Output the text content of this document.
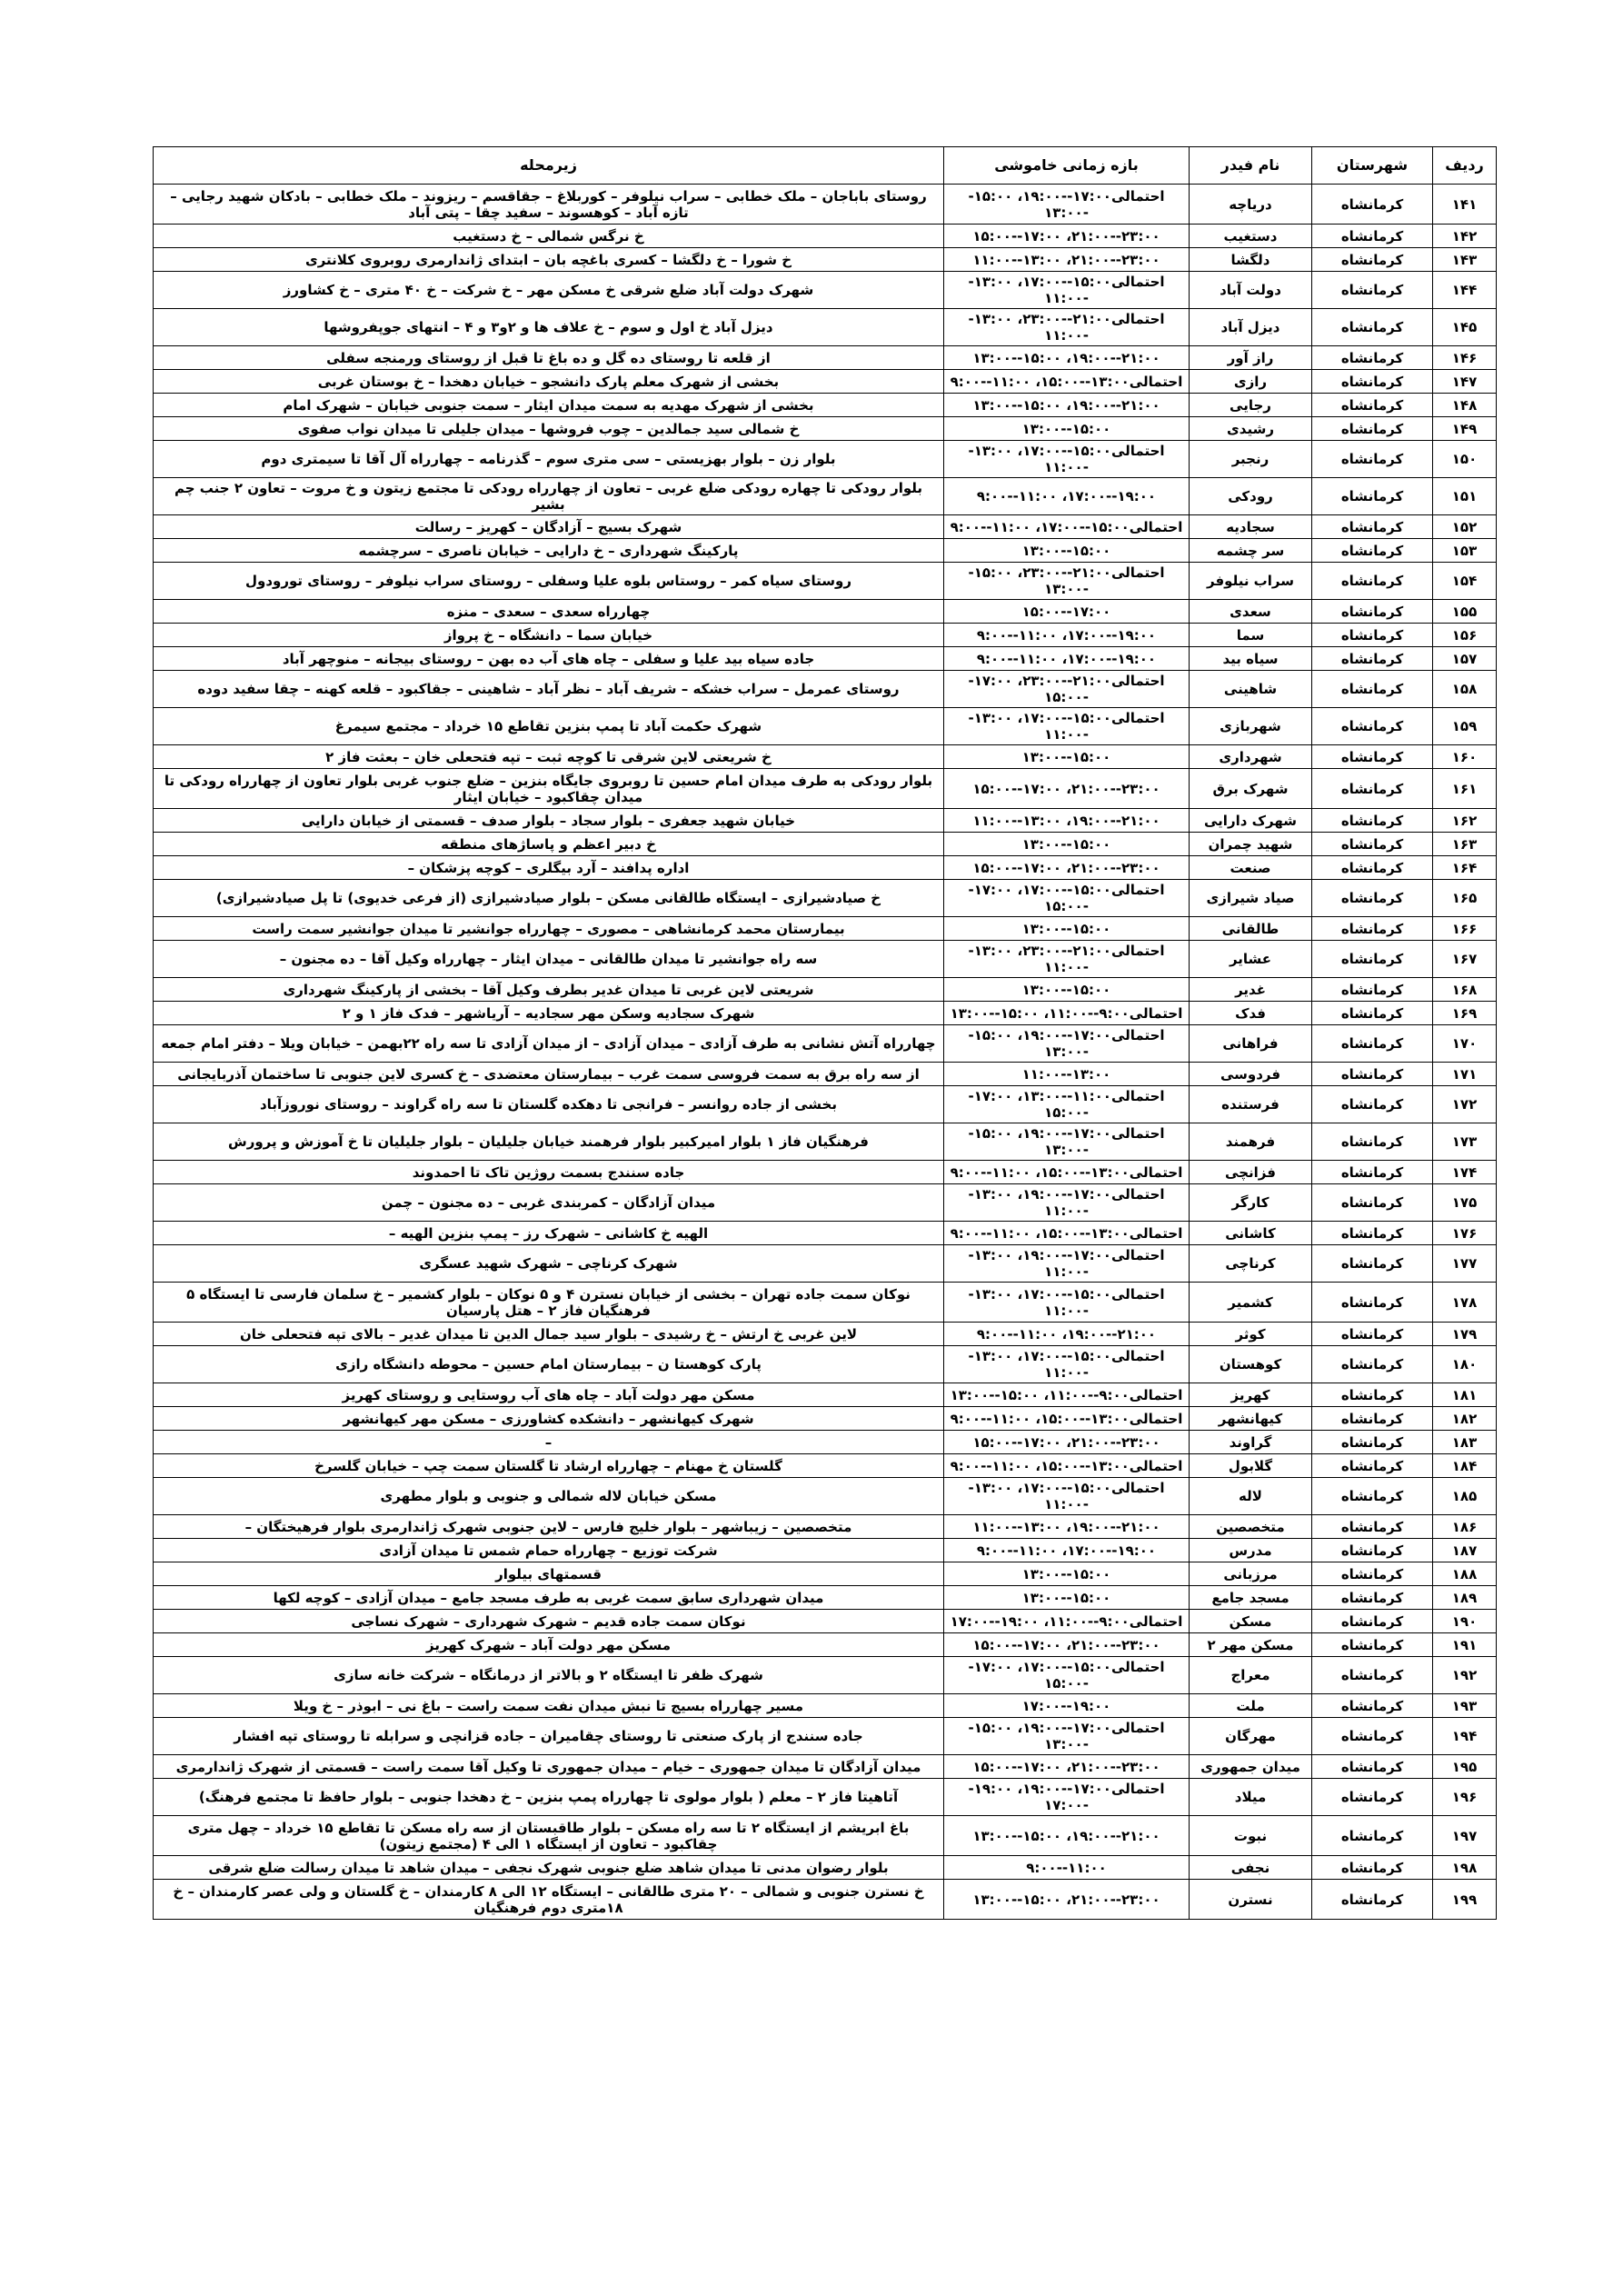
ردیف	شهرستان	نام فیدر	بازه زمانی خاموشی	زیرمحله
۱۴۱	کرمانشاه	دریاچه	احتمالی۱۷:۰۰--۱۹:۰۰، ۱۵:۰۰--۱۳:۰۰	روستای باباجان – ملک خطابی – سراب نیلوفر – کوربلاغ – جقاقسم – ریزوند – ملک خطابی – بادکان شهید رجایی – تازه آباد – کوهسوند – سفید چقا – پتی آباد
۱۴۲	کرمانشاه	دستغیب	۲۳:۰۰--۲۱:۰۰، ۱۷:۰۰--۱۵:۰۰	خ نرگس شمالی – خ دستغیب
۱۴۳	کرمانشاه	دلگشا	۲۳:۰۰--۲۱:۰۰، ۱۳:۰۰--۱۱:۰۰	خ شورا – خ دلگشا – کسری باغچه بان – ابتدای ژاندارمری روبروی کلانتری
۱۴۴	کرمانشاه	دولت آباد	احتمالی۱۵:۰۰--۱۷:۰۰، ۱۳:۰۰--۱۱:۰۰	شهرک دولت آباد ضلع شرقی خ مسکن مهر – خ شرکت – خ ۴۰ متری – خ کشاورز
۱۴۵	کرمانشاه	دیزل آباد	احتمالی۲۱:۰۰--۲۳:۰۰، ۱۳:۰۰--۱۱:۰۰	دیزل آباد خ اول و سوم – خ علاف ها و ۲و۳ و ۴ – انتهای جوپفروشها
۱۴۶	کرمانشاه	راز آور	۲۱:۰۰--۱۹:۰۰، ۱۵:۰۰--۱۳:۰۰	از قلعه تا روستای ده گل و ده باغ تا قبل از روستای ورمنجه سفلی
۱۴۷	کرمانشاه	رازی	احتمالی۱۳:۰۰--۱۵:۰۰، ۱۱:۰۰--۹:۰۰	بخشی از شهرک معلم پارک دانشجو – خیابان دهخدا – خ بوستان غربی
۱۴۸	کرمانشاه	رجایی	۲۱:۰۰--۱۹:۰۰، ۱۵:۰۰--۱۳:۰۰	بخشی از شهرک مهدیه به سمت میدان ایثار – سمت جنوبی خیابان – شهرک امام
۱۴۹	کرمانشاه	رشیدی	۱۵:۰۰--۱۳:۰۰	خ شمالی سید جمالدین – چوب فروشها – میدان جلیلی تا میدان نواب صفوی
۱۵۰	کرمانشاه	رنجبر	احتمالی۱۵:۰۰--۱۷:۰۰، ۱۳:۰۰--۱۱:۰۰	بلوار زن – بلوار بهزیستی – سی متری سوم – گذرنامه – چهارراه آل آقا تا سیمتری دوم
۱۵۱	کرمانشاه	رودکی	۱۹:۰۰--۱۷:۰۰، ۱۱:۰۰--۹:۰۰	بلوار رودکی تا چهاره رودکی ضلع غربی – تعاون از چهارراه رودکی تا مجتمع زیتون و خ مروت – تعاون ۲ جنب چم بشیر
۱۵۲	کرمانشاه	سجادیه	احتمالی۱۵:۰۰--۱۷:۰۰، ۱۱:۰۰--۹:۰۰	شهرک بسیج – آزادگان – کهریز – رسالت
۱۵۳	کرمانشاه	سر چشمه	۱۵:۰۰--۱۳:۰۰	پارکینگ شهرداری – خ دارایی – خیابان ناصری – سرچشمه
۱۵۴	کرمانشاه	سراب نیلوفر	احتمالی۲۱:۰۰--۲۳:۰۰، ۱۵:۰۰--۱۳:۰۰	روستای سیاه کمر – روستاس بلوه علیا وسفلی – روستای سراب نیلوفر – روستای تورودول
۱۵۵	کرمانشاه	سعدی	۱۷:۰۰--۱۵:۰۰	چهارراه سعدی – سعدی – منزه
۱۵۶	کرمانشاه	سما	۱۹:۰۰--۱۷:۰۰، ۱۱:۰۰--۹:۰۰	خیابان سما – دانشگاه – خ پرواز
۱۵۷	کرمانشاه	سیاه بید	۱۹:۰۰--۱۷:۰۰، ۱۱:۰۰--۹:۰۰	جاده سیاه بید علیا و سفلی – چاه های آب ده بهن – روستای بیجانه – منوچهر آباد
۱۵۸	کرمانشاه	شاهینی	احتمالی۲۱:۰۰--۲۳:۰۰، ۱۷:۰۰--۱۵:۰۰	روستای عمرمل – سراب خشکه – شریف آباد – نظر آباد – شاهینی – جقاکبود – قلعه کهنه – چقا سفید دوده
۱۵۹	کرمانشاه	شهربازی	احتمالی۱۵:۰۰--۱۷:۰۰، ۱۳:۰۰--۱۱:۰۰	شهرک حکمت آباد تا پمپ بنزین تقاطع ۱۵ خرداد – مجتمع سیمرغ
۱۶۰	کرمانشاه	شهرداری	۱۵:۰۰--۱۳:۰۰	خ شریعتی لاین شرقی تا کوچه ثبت – تپه فتحعلی خان – بعثت فاز ۲
۱۶۱	کرمانشاه	شهرک برق	۲۳:۰۰--۲۱:۰۰، ۱۷:۰۰--۱۵:۰۰	بلوار رودکی به طرف میدان امام حسین تا روبروی جایگاه بنزین – ضلع جنوب غربی بلوار تعاون از چهارراه رودکی تا میدان چقاکبود – خیابان ایثار
۱۶۲	کرمانشاه	شهرک دارایی	۲۱:۰۰--۱۹:۰۰، ۱۳:۰۰--۱۱:۰۰	خیابان شهید جعفری – بلوار سجاد – بلوار صدف – قسمتی از خیابان دارایی
۱۶۳	کرمانشاه	شهید چمران	۱۵:۰۰--۱۳:۰۰	خ دبیر اعظم و پاساژهای منطقه
۱۶۴	کرمانشاه	صنعت	۲۳:۰۰--۲۱:۰۰، ۱۷:۰۰--۱۵:۰۰	اداره پدافند – آرد بیگلری – کوچه پزشکان –
۱۶۵	کرمانشاه	صیاد شیرازی	احتمالی۱۵:۰۰--۱۷:۰۰، ۱۷:۰۰--۱۵:۰۰	خ صیادشیرازی – ایستگاه طالقانی مسکن – بلوار صیادشیرازی (از فرعی خدیوی) تا پل صیادشیرازی)
۱۶۶	کرمانشاه	طالقانی	۱۵:۰۰--۱۳:۰۰	بیمارستان محمد کرمانشاهی – مصوری – چهارراه جوانشیر تا میدان جوانشیر سمت راست
۱۶۷	کرمانشاه	عشایر	احتمالی۲۱:۰۰--۲۳:۰۰، ۱۳:۰۰--۱۱:۰۰	سه راه جوانشیر تا میدان طالقانی – میدان ایثار – چهارراه وکیل آقا – ده مجنون –
۱۶۸	کرمانشاه	غدیر	۱۵:۰۰--۱۳:۰۰	شریعتی لاین غربی تا میدان غدیر بطرف وکیل آقا – بخشی از پارکینگ شهرداری
۱۶۹	کرمانشاه	فدک	احتمالی۹:۰۰--۱۱:۰۰، ۱۵:۰۰--۱۳:۰۰	شهرک سجادیه وسکن مهر سجادیه – آریاشهر – فدک فاز ۱ و ۲
۱۷۰	کرمانشاه	فراهانی	احتمالی۱۷:۰۰--۱۹:۰۰، ۱۵:۰۰--۱۳:۰۰	چهارراه آتش نشانی به طرف آزادی – میدان آزادی – از میدان آزادی تا سه راه ۲۲بهمن – خیابان ویلا – دفتر امام جمعه
۱۷۱	کرمانشاه	فردوسی	۱۳:۰۰--۱۱:۰۰	از سه راه برق به سمت فروسی سمت غرب – بیمارستان معتضدی – خ کسری لاین جنوبی تا ساختمان آذربایجانی
۱۷۲	کرمانشاه	فرستنده	احتمالی۱۱:۰۰--۱۳:۰۰، ۱۷:۰۰--۱۵:۰۰	بخشی از جاده روانسر – فرانجی تا دهکده گلستان تا سه راه گراوند – روستای نوروزآباد
۱۷۳	کرمانشاه	فرهمند	احتمالی۱۷:۰۰--۱۹:۰۰، ۱۵:۰۰--۱۳:۰۰	فرهنگیان فاز ۱ بلوار امیرکبیر بلوار فرهمند خیابان جلیلیان – بلوار جلیلیان تا خ آموزش و پرورش
۱۷۴	کرمانشاه	فزانچی	احتمالی۱۳:۰۰--۱۵:۰۰، ۱۱:۰۰--۹:۰۰	جاده سنندج بسمت روژین تاک تا احمدوند
۱۷۵	کرمانشاه	کارگر	احتمالی۱۷:۰۰--۱۹:۰۰، ۱۳:۰۰--۱۱:۰۰	میدان آزادگان – کمربندی غربی – ده مجنون – چمن
۱۷۶	کرمانشاه	کاشانی	احتمالی۱۳:۰۰--۱۵:۰۰، ۱۱:۰۰--۹:۰۰	الهیه خ کاشانی – شهرک رز – پمپ بنزین الهیه –
۱۷۷	کرمانشاه	کرناچی	احتمالی۱۷:۰۰--۱۹:۰۰، ۱۳:۰۰--۱۱:۰۰	شهرک کرناچی – شهرک شهید عسگری
۱۷۸	کرمانشاه	کشمیر	احتمالی۱۵:۰۰--۱۷:۰۰، ۱۳:۰۰--۱۱:۰۰	نوکان سمت جاده تهران – بخشی از خیابان نسترن ۴ و ۵ نوکان – بلوار کشمیر – خ سلمان فارسی تا ایستگاه ۵ فرهنگیان فاز ۲ – هتل پارسیان
۱۷۹	کرمانشاه	کوثر	۲۱:۰۰--۱۹:۰۰، ۱۱:۰۰--۹:۰۰	لاین غربی خ ارتش – خ رشیدی – بلوار سید جمال الدین تا میدان غدیر – بالای تپه فتحعلی خان
۱۸۰	کرمانشاه	کوهستان	احتمالی۱۵:۰۰--۱۷:۰۰، ۱۳:۰۰--۱۱:۰۰	پارک کوهستا ن – بیمارستان امام حسین – محوطه دانشگاه رازی
۱۸۱	کرمانشاه	کهریز	احتمالی۹:۰۰--۱۱:۰۰، ۱۵:۰۰--۱۳:۰۰	مسکن مهر دولت آباد – چاه های آب روستایی و روستای کهریز
۱۸۲	کرمانشاه	کیهانشهر	احتمالی۱۳:۰۰--۱۵:۰۰، ۱۱:۰۰--۹:۰۰	شهرک کیهانشهر – دانشکده کشاورزی – مسکن مهر کیهانشهر
۱۸۳	کرمانشاه	گراوند	۲۳:۰۰--۲۱:۰۰، ۱۷:۰۰--۱۵:۰۰	–
۱۸۴	کرمانشاه	گلابول	احتمالی۱۳:۰۰--۱۵:۰۰، ۱۱:۰۰--۹:۰۰	گلستان خ مهنام – چهارراه ارشاد تا گلستان سمت چپ – خیابان گلسرخ
۱۸۵	کرمانشاه	لاله	احتمالی۱۵:۰۰--۱۷:۰۰، ۱۳:۰۰--۱۱:۰۰	مسکن خیابان لاله شمالی و جنوبی و بلوار مطهری
۱۸۶	کرمانشاه	متخصصین	۲۱:۰۰--۱۹:۰۰، ۱۳:۰۰--۱۱:۰۰	متخصصین – زیباشهر – بلوار خلیج فارس – لاین جنوبی شهرک ژاندارمری بلوار فرهیختگان –
۱۸۷	کرمانشاه	مدرس	۱۹:۰۰--۱۷:۰۰، ۱۱:۰۰--۹:۰۰	شرکت توزیع – چهارراه حمام شمس تا میدان آزادی
۱۸۸	کرمانشاه	مرزبانی	۱۵:۰۰--۱۳:۰۰	قسمتهای بیلوار
۱۸۹	کرمانشاه	مسجد جامع	۱۵:۰۰--۱۳:۰۰	میدان شهرداری سابق سمت غربی به طرف مسجد جامع – میدان آزادی – کوچه لکها
۱۹۰	کرمانشاه	مسکن	احتمالی۹:۰۰--۱۱:۰۰، ۱۹:۰۰--۱۷:۰۰	نوکان سمت جاده قدیم – شهرک شهرداری – شهرک نساجی
۱۹۱	کرمانشاه	مسکن مهر ۲	۲۳:۰۰--۲۱:۰۰، ۱۷:۰۰--۱۵:۰۰	مسکن مهر دولت آباد – شهرک کهریز
۱۹۲	کرمانشاه	معراج	احتمالی۱۵:۰۰--۱۷:۰۰، ۱۷:۰۰--۱۵:۰۰	شهرک ظفر تا ایستگاه ۲ و بالاتر از درمانگاه – شرکت خانه سازی
۱۹۳	کرمانشاه	ملت	۱۹:۰۰--۱۷:۰۰	مسیر چهارراه بسیج تا نبش میدان نفت سمت راست – باغ نی – ابوذر – خ ویلا
۱۹۴	کرمانشاه	مهرگان	احتمالی۱۷:۰۰--۱۹:۰۰، ۱۵:۰۰--۱۳:۰۰	جاده سنندج از پارک صنعتی تا روستای چقامیران – جاده قزانچی و سرابله تا روستای تپه افشار
۱۹۵	کرمانشاه	میدان جمهوری	۲۳:۰۰--۲۱:۰۰، ۱۷:۰۰--۱۵:۰۰	میدان آزادگان تا میدان جمهوری – خیام – میدان جمهوری تا وکیل آقا سمت راست – قسمتی از شهرک ژاندارمری
۱۹۶	کرمانشاه	میلاد	احتمالی۱۷:۰۰--۱۹:۰۰، ۱۹:۰۰--۱۷:۰۰	آتاهیتا فاز ۲ – معلم ( بلوار مولوی تا چهارراه پمپ بنزین – خ دهخدا جنوبی – بلوار حافظ تا مجتمع فرهنگ)
۱۹۷	کرمانشاه	نبوت	۲۱:۰۰--۱۹:۰۰، ۱۵:۰۰--۱۳:۰۰	باغ ابریشم از ایستگاه ۲ تا سه راه مسکن – بلوار طاقبستان از سه راه مسکن تا تقاطع ۱۵ خرداد – چهل متری چقاکبود – تعاون از ایستگاه ۱ الی ۴ (مجتمع زیتون)
۱۹۸	کرمانشاه	نجفی	۱۱:۰۰--۹:۰۰	بلوار رضوان مدنی تا میدان شاهد ضلع جنوبی شهرک نجفی – میدان شاهد تا میدان رسالت ضلع شرقی
۱۹۹	کرمانشاه	نسترن	۲۳:۰۰--۲۱:۰۰، ۱۵:۰۰--۱۳:۰۰	خ نسترن جنوبی و شمالی – ۲۰ متری طالقانی – ایستگاه ۱۲ الی ۸ کارمندان – خ گلستان و ولی عصر کارمندان – خ ۱۸متری دوم فرهنگیان
